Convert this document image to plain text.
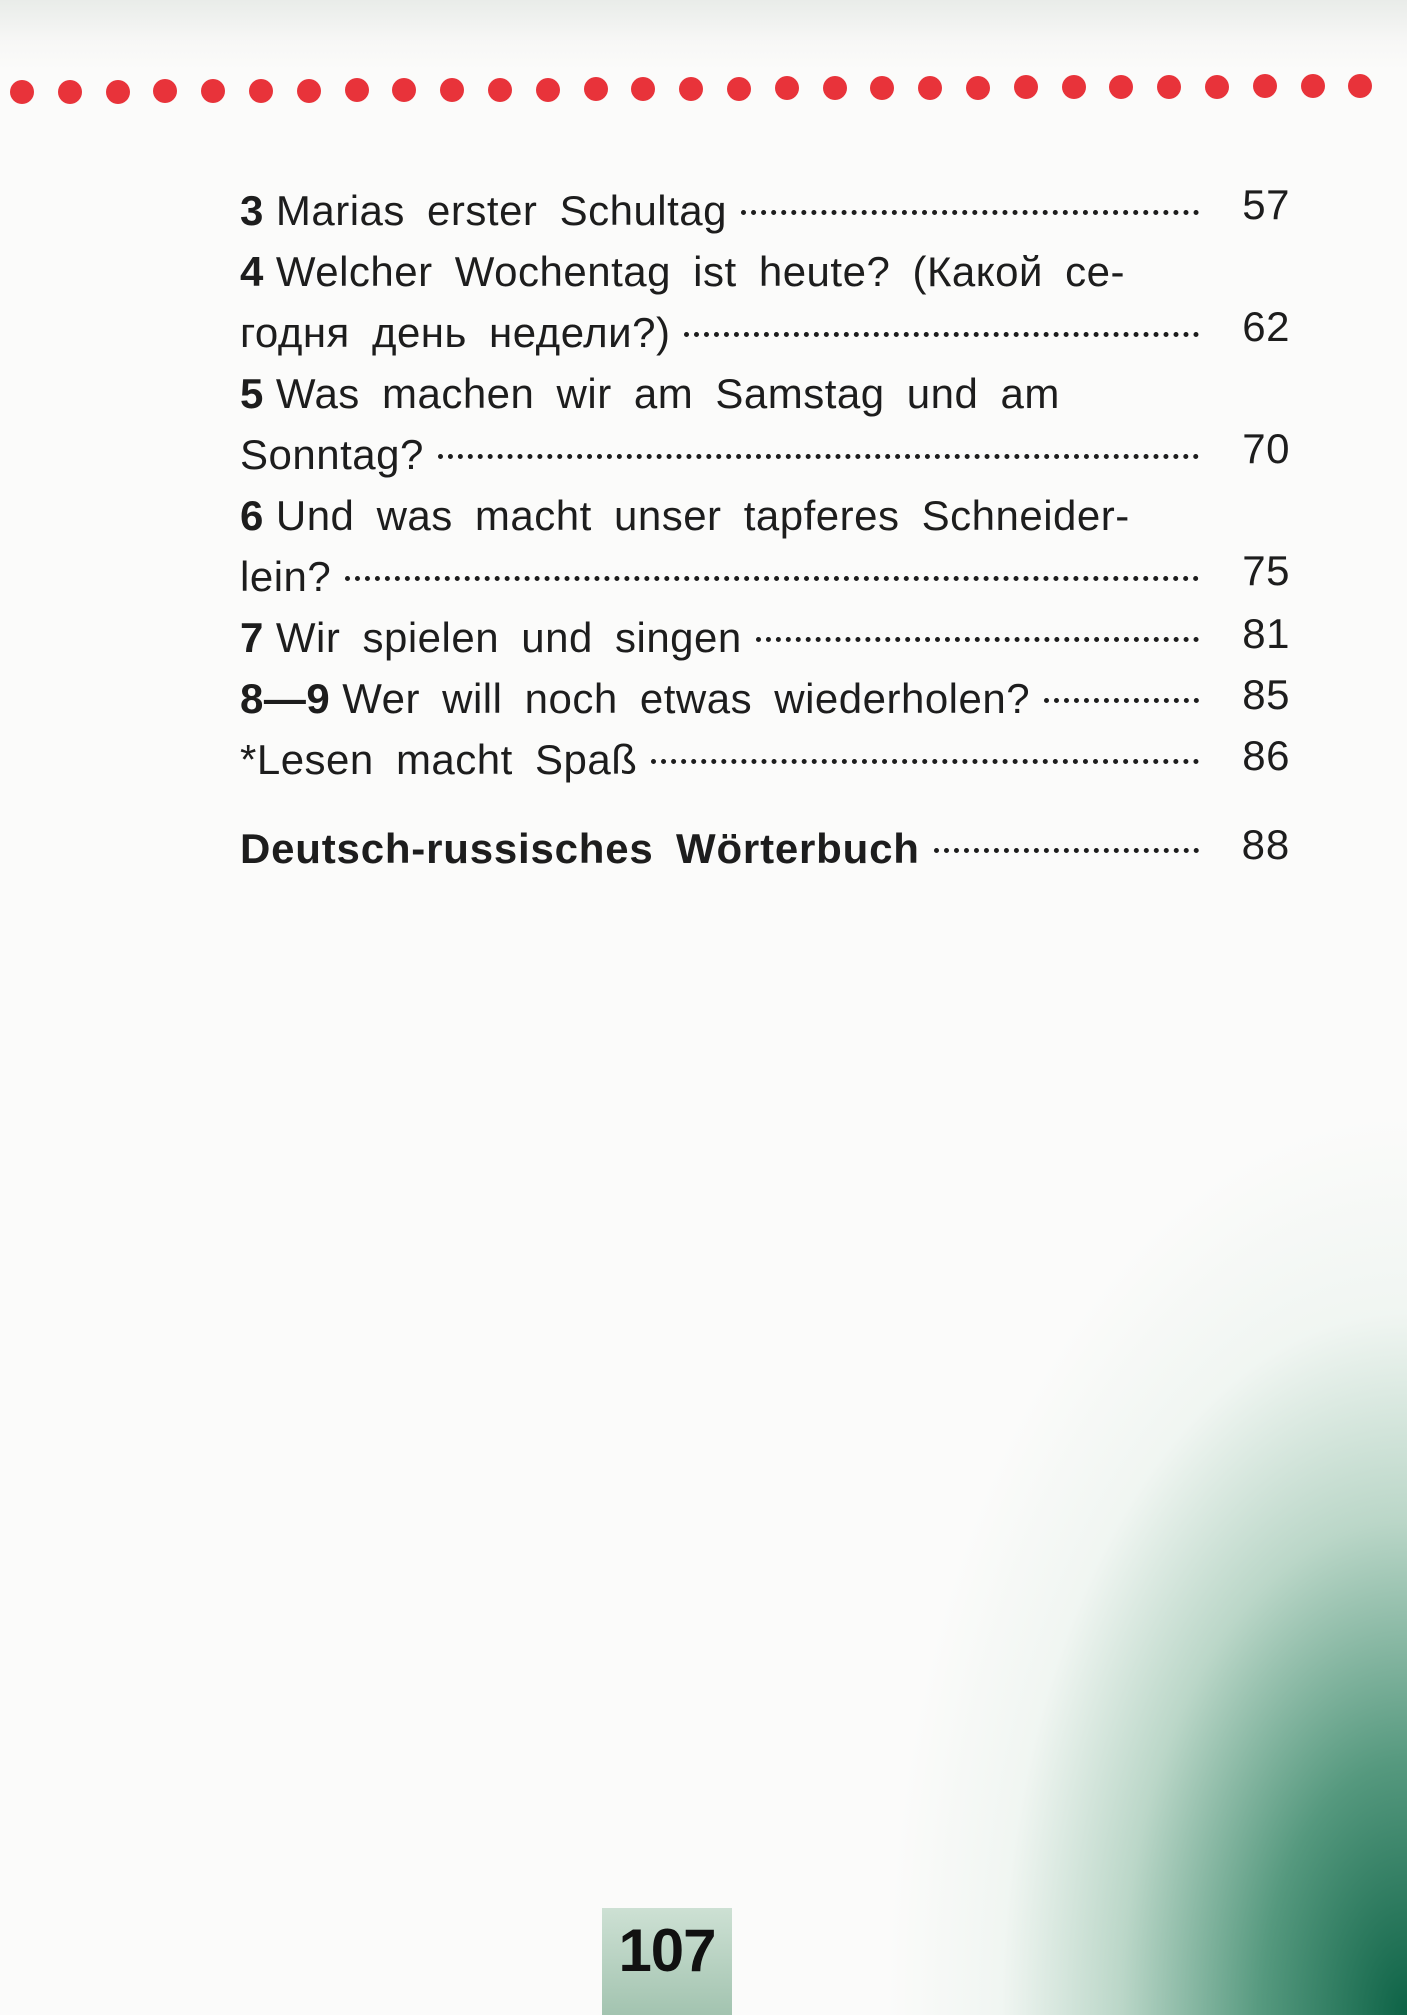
3 Marias erster Schultag	57
4 Welcher Wochentag ist heute? (Какой се-
годня день недели?)	62
5 Was machen wir am Samstag und am
Sonntag?	70
6 Und was macht unser tapferes Schneider-
lein?	75
7 Wir spielen und singen	81
8—9 Wer will noch etwas wiederholen?	85
*Lesen macht Spaß	86
Deutsch-russisches Wörterbuch	88
107
